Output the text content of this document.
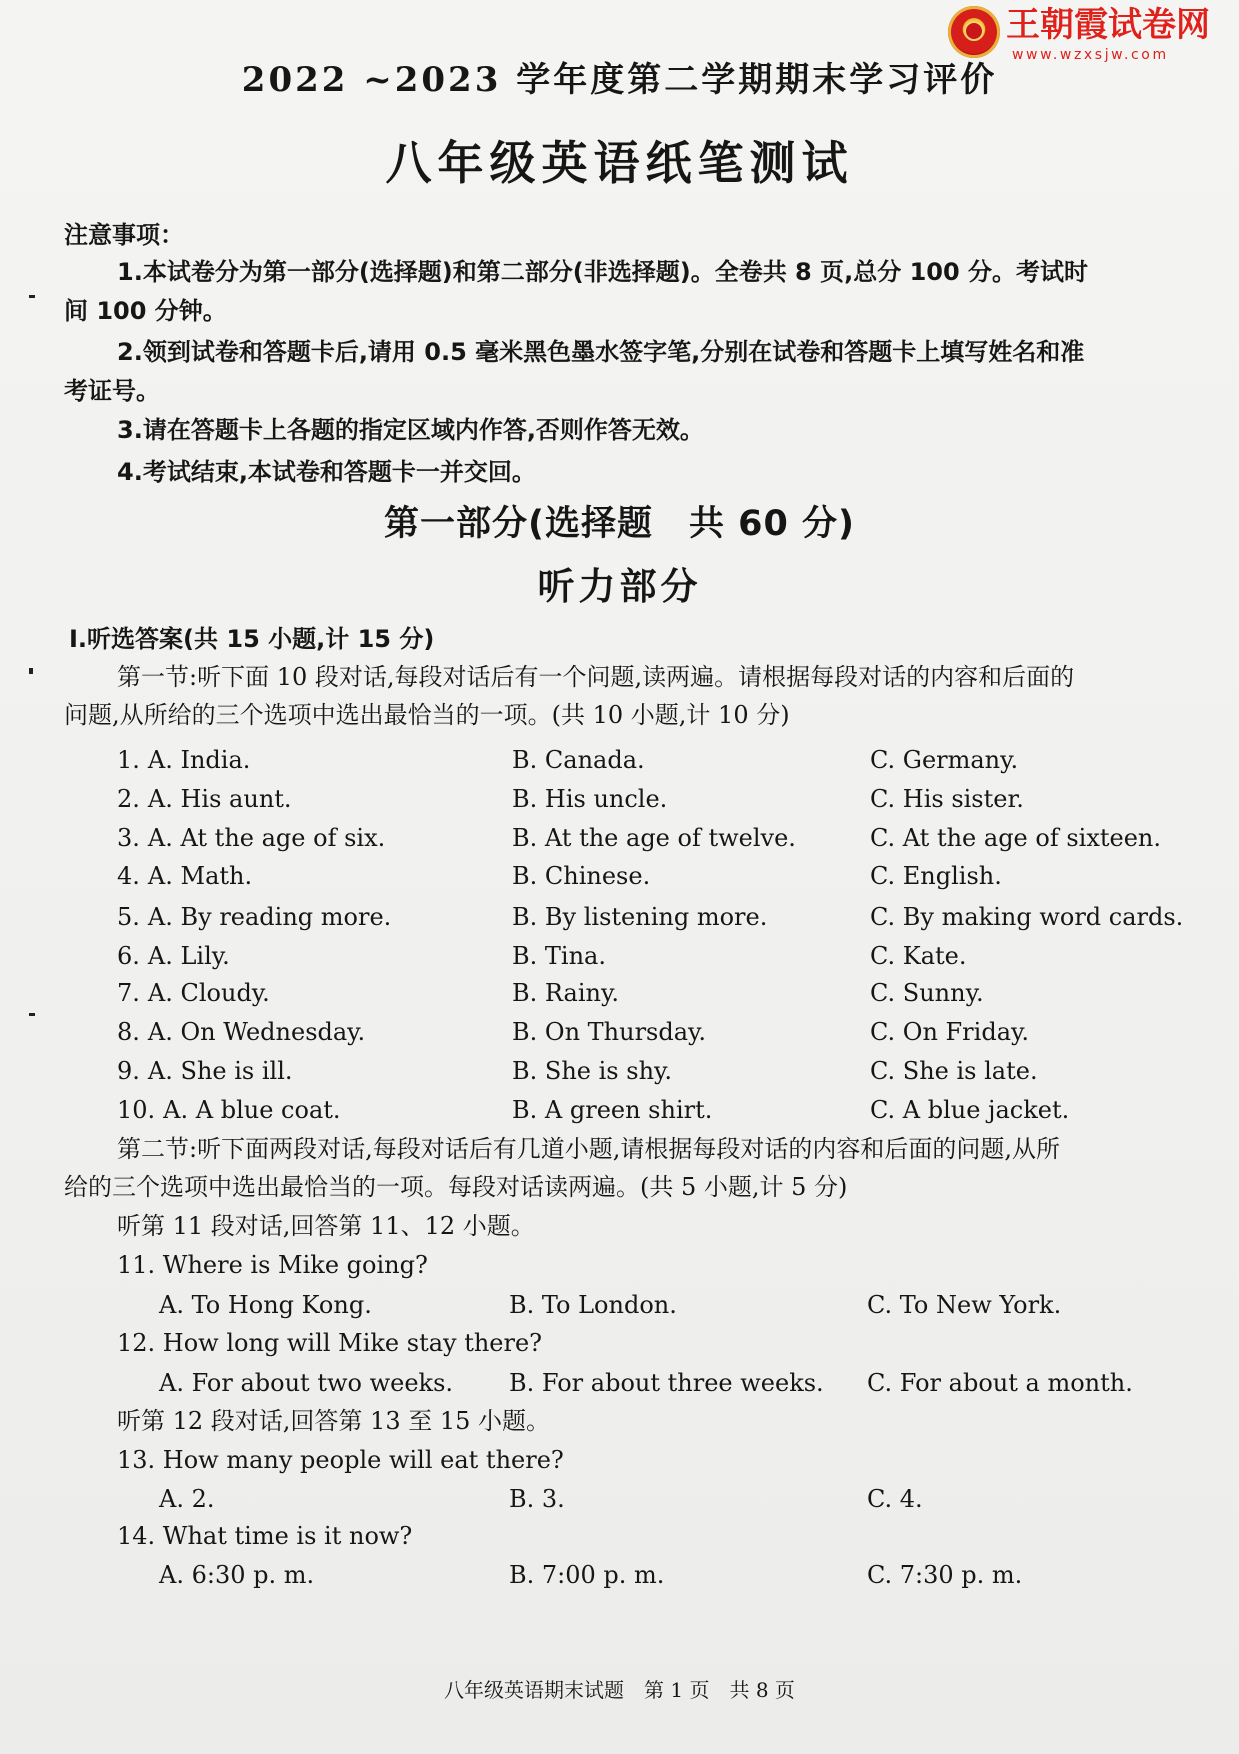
王朝霞试卷网
www.wzxsjw.com
2022 ~2023 学年度第二学期期末学习评价
八年级英语纸笔测试
注意事项：
1.本试卷分为第一部分(选择题)和第二部分(非选择题)。全卷共 8 页,总分 100 分。考试时
间 100 分钟。
2.领到试卷和答题卡后,请用 0.5 毫米黑色墨水签字笔,分别在试卷和答题卡上填写姓名和准
考证号。
3.请在答题卡上各题的指定区域内作答,否则作答无效。
4.考试结束,本试卷和答题卡一并交回。
第一部分(选择题　共 60 分)
听力部分
Ⅰ.听选答案(共 15 小题,计 15 分)
第一节:听下面 10 段对话,每段对话后有一个问题,读两遍。请根据每段对话的内容和后面的
问题,从所给的三个选项中选出最恰当的一项。(共 10 小题,计 10 分)
1. A. India.	B. Canada.	C. Germany.
2. A. His aunt.	B. His uncle.	C. His sister.
3. A. At the age of six.	B. At the age of twelve.	C. At the age of sixteen.
4. A. Math.	B. Chinese.	C. English.
5. A. By reading more.	B. By listening more.	C. By making word cards.
6. A. Lily.	B. Tina.	C. Kate.
7. A. Cloudy.	B. Rainy.	C. Sunny.
8. A. On Wednesday.	B. On Thursday.	C. On Friday.
9. A. She is ill.	B. She is shy.	C. She is late.
10. A. A blue coat.	B. A green shirt.	C. A blue jacket.
第二节:听下面两段对话,每段对话后有几道小题,请根据每段对话的内容和后面的问题,从所
给的三个选项中选出最恰当的一项。每段对话读两遍。(共 5 小题,计 5 分)
听第 11 段对话,回答第 11、12 小题。
11. Where is Mike going?
A. To Hong Kong.	B. To London.	C. To New York.
12. How long will Mike stay there?
A. For about two weeks. B. For about three weeks. C. For about a month.
听第 12 段对话,回答第 13 至 15 小题。
13. How many people will eat there?
A. 2.	B. 3.	C. 4.
14. What time is it now?
A. 6:30 p. m.	B. 7:00 p. m.	C. 7:30 p. m.
八年级英语期末试题　第 1 页　共 8 页
